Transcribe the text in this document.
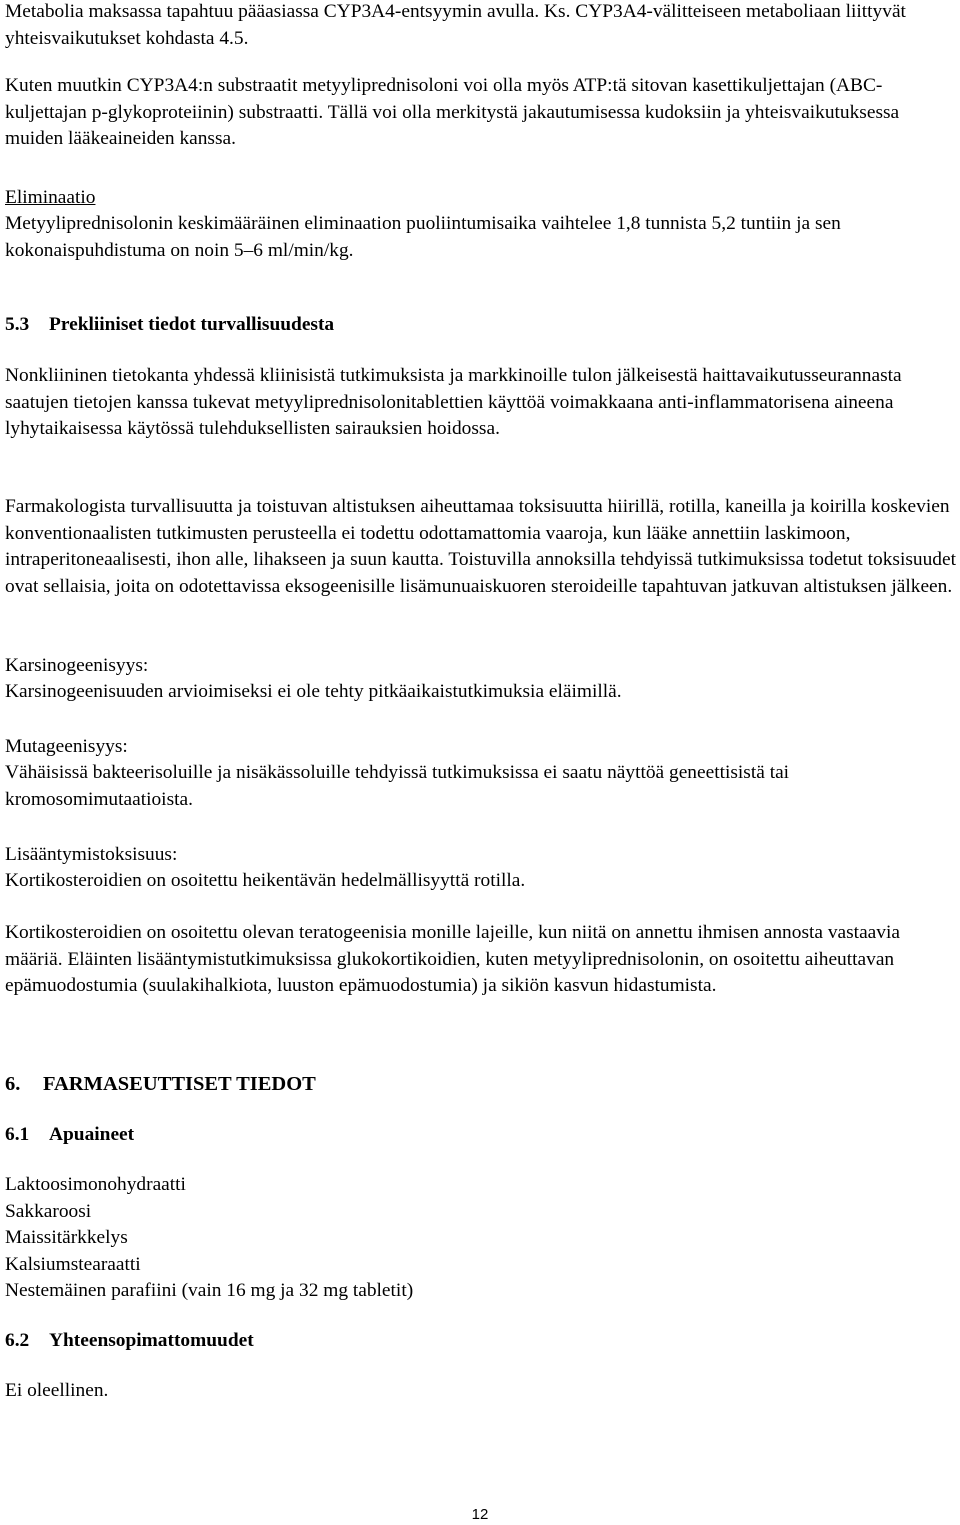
Metabolia maksassa tapahtuu pääasiassa CYP3A4-entsyymin avulla. Ks. CYP3A4-välitteiseen metaboliaan liittyvät yhteisvaikutukset kohdasta 4.5.

Kuten muutkin CYP3A4:n substraatit metyyliprednisoloni voi olla myös ATP:tä sitovan kasettikuljettajan (ABC-kuljettajan p-glykoproteiinin) substraatti. Tällä voi olla merkitystä jakautumisessa kudoksiin ja yhteisvaikutuksessa muiden lääkeaineiden kanssa.

Eliminaatio

Metyyliprednisolonin keskimääräinen eliminaation puoliintumisaika vaihtelee 1,8 tunnista 5,2 tuntiin ja sen kokonaispuhdistuma on noin 5–6 ml/min/kg.

5.3 Prekliiniset tiedot turvallisuudesta

Nonkliininen tietokanta yhdessä kliinisistä tutkimuksista ja markkinoille tulon jälkeisestä haittavaikutusseurannasta saatujen tietojen kanssa tukevat metyyliprednisolonitablettien käyttöä voimakkaana anti-inflammatorisena aineena lyhytaikaisessa käytössä tulehduksellisten sairauksien hoidossa.

Farmakologista turvallisuutta ja toistuvan altistuksen aiheuttamaa toksisuutta hiirillä, rotilla, kaneilla ja koirilla koskevien konventionaalisten tutkimusten perusteella ei todettu odottamattomia vaaroja, kun lääke annettiin laskimoon, intraperitoneaalisesti, ihon alle, lihakseen ja suun kautta. Toistuvilla annoksilla tehdyissä tutkimuksissa todetut toksisuudet ovat sellaisia, joita on odotettavissa eksogeenisille lisämunuaiskuoren steroideille tapahtuvan jatkuvan altistuksen jälkeen.

Karsinogeenisyys:

Karsinogeenisuuden arvioimiseksi ei ole tehty pitkäaikaistutkimuksia eläimillä.

Mutageenisyys:

Vähäisissä bakteerisoluille ja nisäkässoluille tehdyissä tutkimuksissa ei saatu näyttöä geneettisistä tai kromosomimutaatioista.

Lisääntymistoksisuus:

Kortikosteroidien on osoitettu heikentävän hedelmällisyyttä rotilla.

Kortikosteroidien on osoitettu olevan teratogeenisia monille lajeille, kun niitä on annettu ihmisen annosta vastaavia määriä. Eläinten lisääntymistutkimuksissa glukokortikoidien, kuten metyyliprednisolonin, on osoitettu aiheuttavan epämuodostumia (suulakihalkiota, luuston epämuodostumia) ja sikiön kasvun hidastumista.

6. FARMASEUTTISET TIEDOT

6.1 Apuaineet

Laktoosimonohydraatti

Sakkaroosi

Maissitärkkelys

Kalsiumstearaatti

Nestemäinen parafiini (vain 16 mg ja 32 mg tabletit)

6.2 Yhteensopimattomuudet

Ei oleellinen.

12
